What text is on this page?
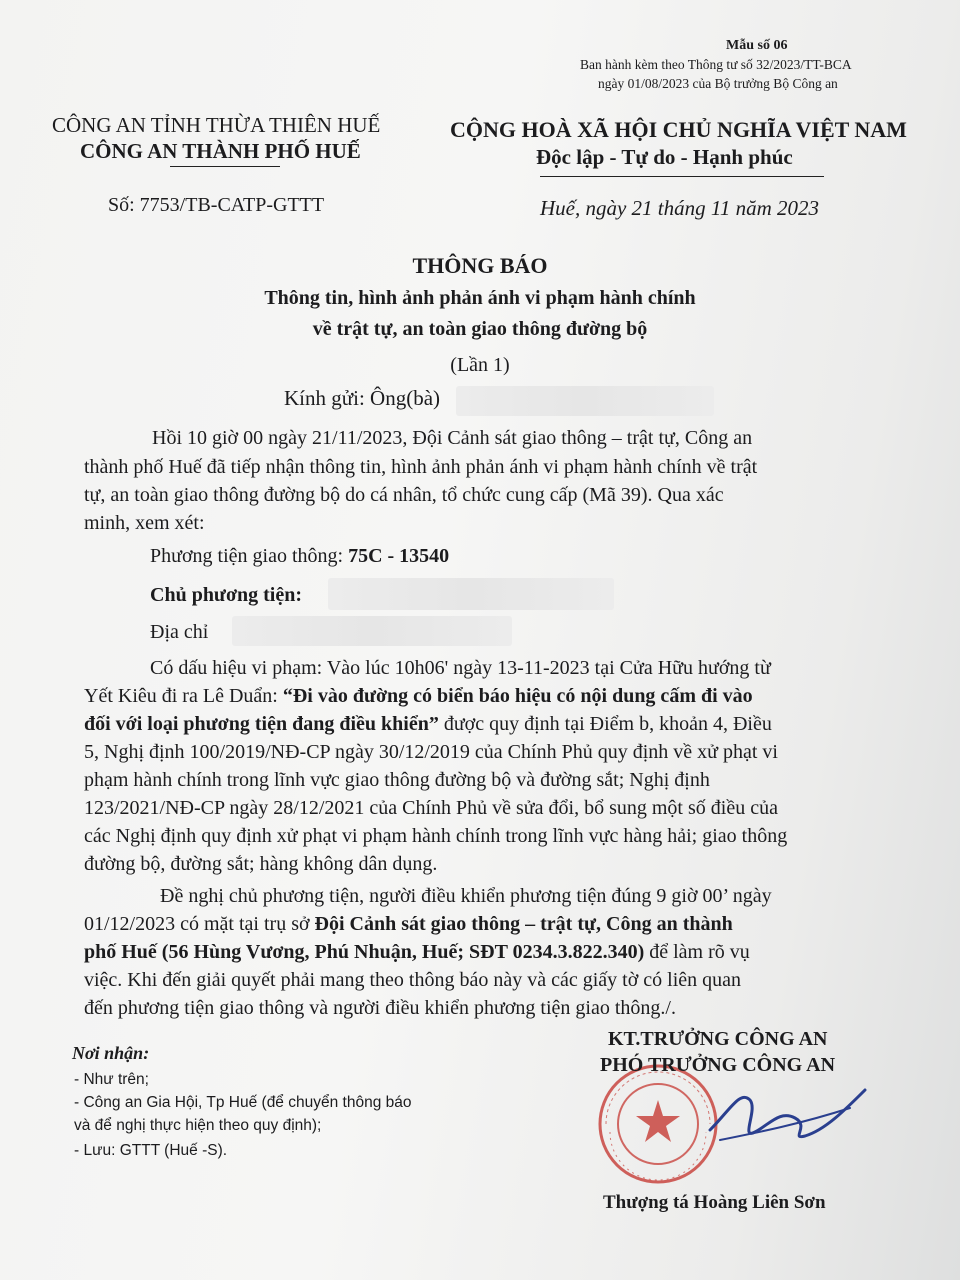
Mẫu số 06
Ban hành kèm theo Thông tư số 32/2023/TT-BCA
ngày 01/08/2023 của Bộ trưởng Bộ Công an
CÔNG AN TỈNH THỪA THIÊN HUẾ
CÔNG AN THÀNH PHỐ HUẾ
CỘNG HOÀ XÃ HỘI CHỦ NGHĨA VIỆT NAM
Độc lập - Tự do - Hạnh phúc
Số: 7753/TB-CATP-GTTT	Huế, ngày 21 tháng 11 năm 2023
THÔNG BÁO
Thông tin, hình ảnh phản ánh vi phạm hành chính
về trật tự, an toàn giao thông đường bộ
(Lần 1)
Kính gửi: Ông(bà)
Hồi 10 giờ 00 ngày 21/11/2023, Đội Cảnh sát giao thông – trật tự, Công an
thành phố Huế đã tiếp nhận thông tin, hình ảnh phản ánh vi phạm hành chính về trật
tự, an toàn giao thông đường bộ do cá nhân, tổ chức cung cấp (Mã 39). Qua xác
minh, xem xét:
Phương tiện giao thông: 75C - 13540
Chủ phương tiện:
Địa chỉ
Có dấu hiệu vi phạm: Vào lúc 10h06' ngày 13-11-2023 tại Cửa Hữu hướng từ
Yết Kiêu đi ra Lê Duẩn: “Đi vào đường có biển báo hiệu có nội dung cấm đi vào
đối với loại phương tiện đang điều khiển” được quy định tại Điểm b, khoản 4, Điều
5, Nghị định 100/2019/NĐ-CP ngày 30/12/2019 của Chính Phủ quy định về xử phạt vi
phạm hành chính trong lĩnh vực giao thông đường bộ và đường sắt; Nghị định
123/2021/NĐ-CP ngày 28/12/2021 của Chính Phủ về sửa đổi, bổ sung một số điều của
các Nghị định quy định xử phạt vi phạm hành chính trong lĩnh vực hàng hải; giao thông
đường bộ, đường sắt; hàng không dân dụng.
Đề nghị chủ phương tiện, người điều khiển phương tiện đúng 9 giờ 00’ ngày
01/12/2023 có mặt tại trụ sở Đội Cảnh sát giao thông – trật tự, Công an thành
phố Huế (56 Hùng Vương, Phú Nhuận, Huế; SĐT 0234.3.822.340) để làm rõ vụ
việc. Khi đến giải quyết phải mang theo thông báo này và các giấy tờ có liên quan
đến phương tiện giao thông và người điều khiển phương tiện giao thông./.
Nơi nhận:
- Như trên;
- Công an Gia Hội, Tp Huế (để chuyển thông báo
và để nghị thực hiện theo quy định);
- Lưu: GTTT (Huế -S).
KT.TRƯỞNG CÔNG AN
PHÓ TRƯỞNG CÔNG AN
Thượng tá Hoàng Liên Sơn
